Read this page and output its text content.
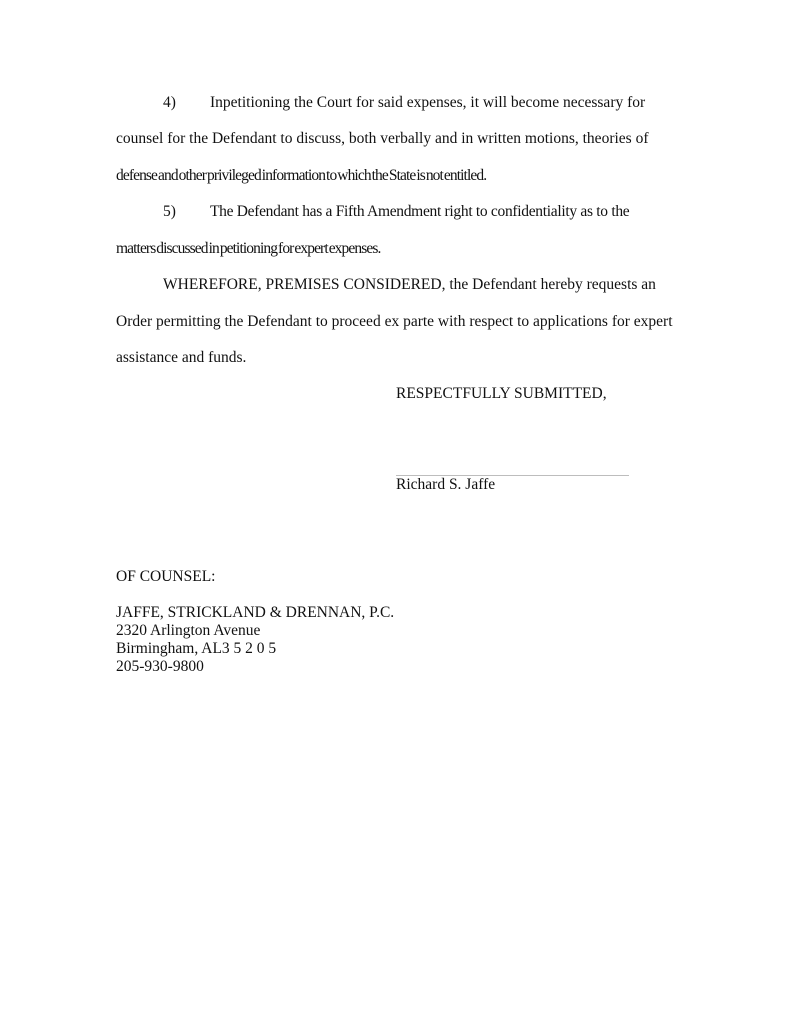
4) Inpetitioning the Court for said expenses, it will become necessary for
counsel for the Defendant to discuss, both verbally and in written motions, theories of
defense and other privileged information to which the State is not entitled.
5) The Defendant has a Fifth Amendment right to confidentiality as to the
matters discussed in petitioning for expert expenses.
WHEREFORE, PREMISES CONSIDERED, the Defendant hereby requests an
Order permitting the Defendant to proceed ex parte with respect to applications for expert
assistance and funds.
RESPECTFULLY SUBMITTED,
Richard S. Jaffe
OF COUNSEL:
JAFFE, STRICKLAND & DRENNAN, P.C.
2320 Arlington Avenue
Birmingham, AL3 5 2 0 5
205-930-9800
